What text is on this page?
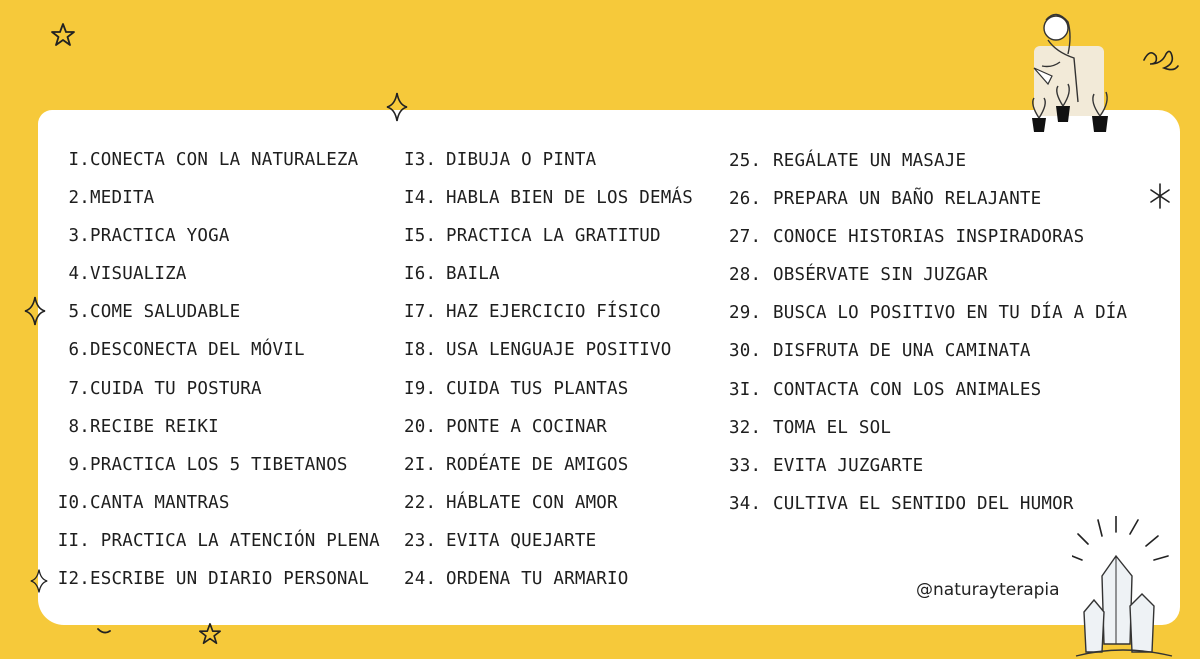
I.CONECTA CON LA NATURALEZA
2.MEDITA
3.PRACTICA YOGA
4.VISUALIZA
5.COME SALUDABLE
6.DESCONECTA DEL MÓVIL
7.CUIDA TU POSTURA
8.RECIBE REIKI
9.PRACTICA LOS 5 TIBETANOS
I0.CANTA MANTRAS
II. PRACTICA LA ATENCIÓN PLENA
I2.ESCRIBE UN DIARIO PERSONAL
I3. DIBUJA O PINTA
I4. HABLA BIEN DE LOS DEMÁS
I5. PRACTICA LA GRATITUD
I6. BAILA
I7. HAZ EJERCICIO FÍSICO
I8. USA LENGUAJE POSITIVO
I9. CUIDA TUS PLANTAS
20. PONTE A COCINAR
2I. RODÉATE DE AMIGOS
22. HÁBLATE CON AMOR
23. EVITA QUEJARTE
24. ORDENA TU ARMARIO
25. REGÁLATE UN MASAJE
26. PREPARA UN BAÑO RELAJANTE
27. CONOCE HISTORIAS INSPIRADORAS
28. OBSÉRVATE SIN JUZGAR
29. BUSCA LO POSITIVO EN TU DÍA A DÍA
30. DISFRUTA DE UNA CAMINATA
3I. CONTACTA CON LOS ANIMALES
32. TOMA EL SOL
33. EVITA JUZGARTE
34. CULTIVA EL SENTIDO DEL HUMOR
@naturayterapia
